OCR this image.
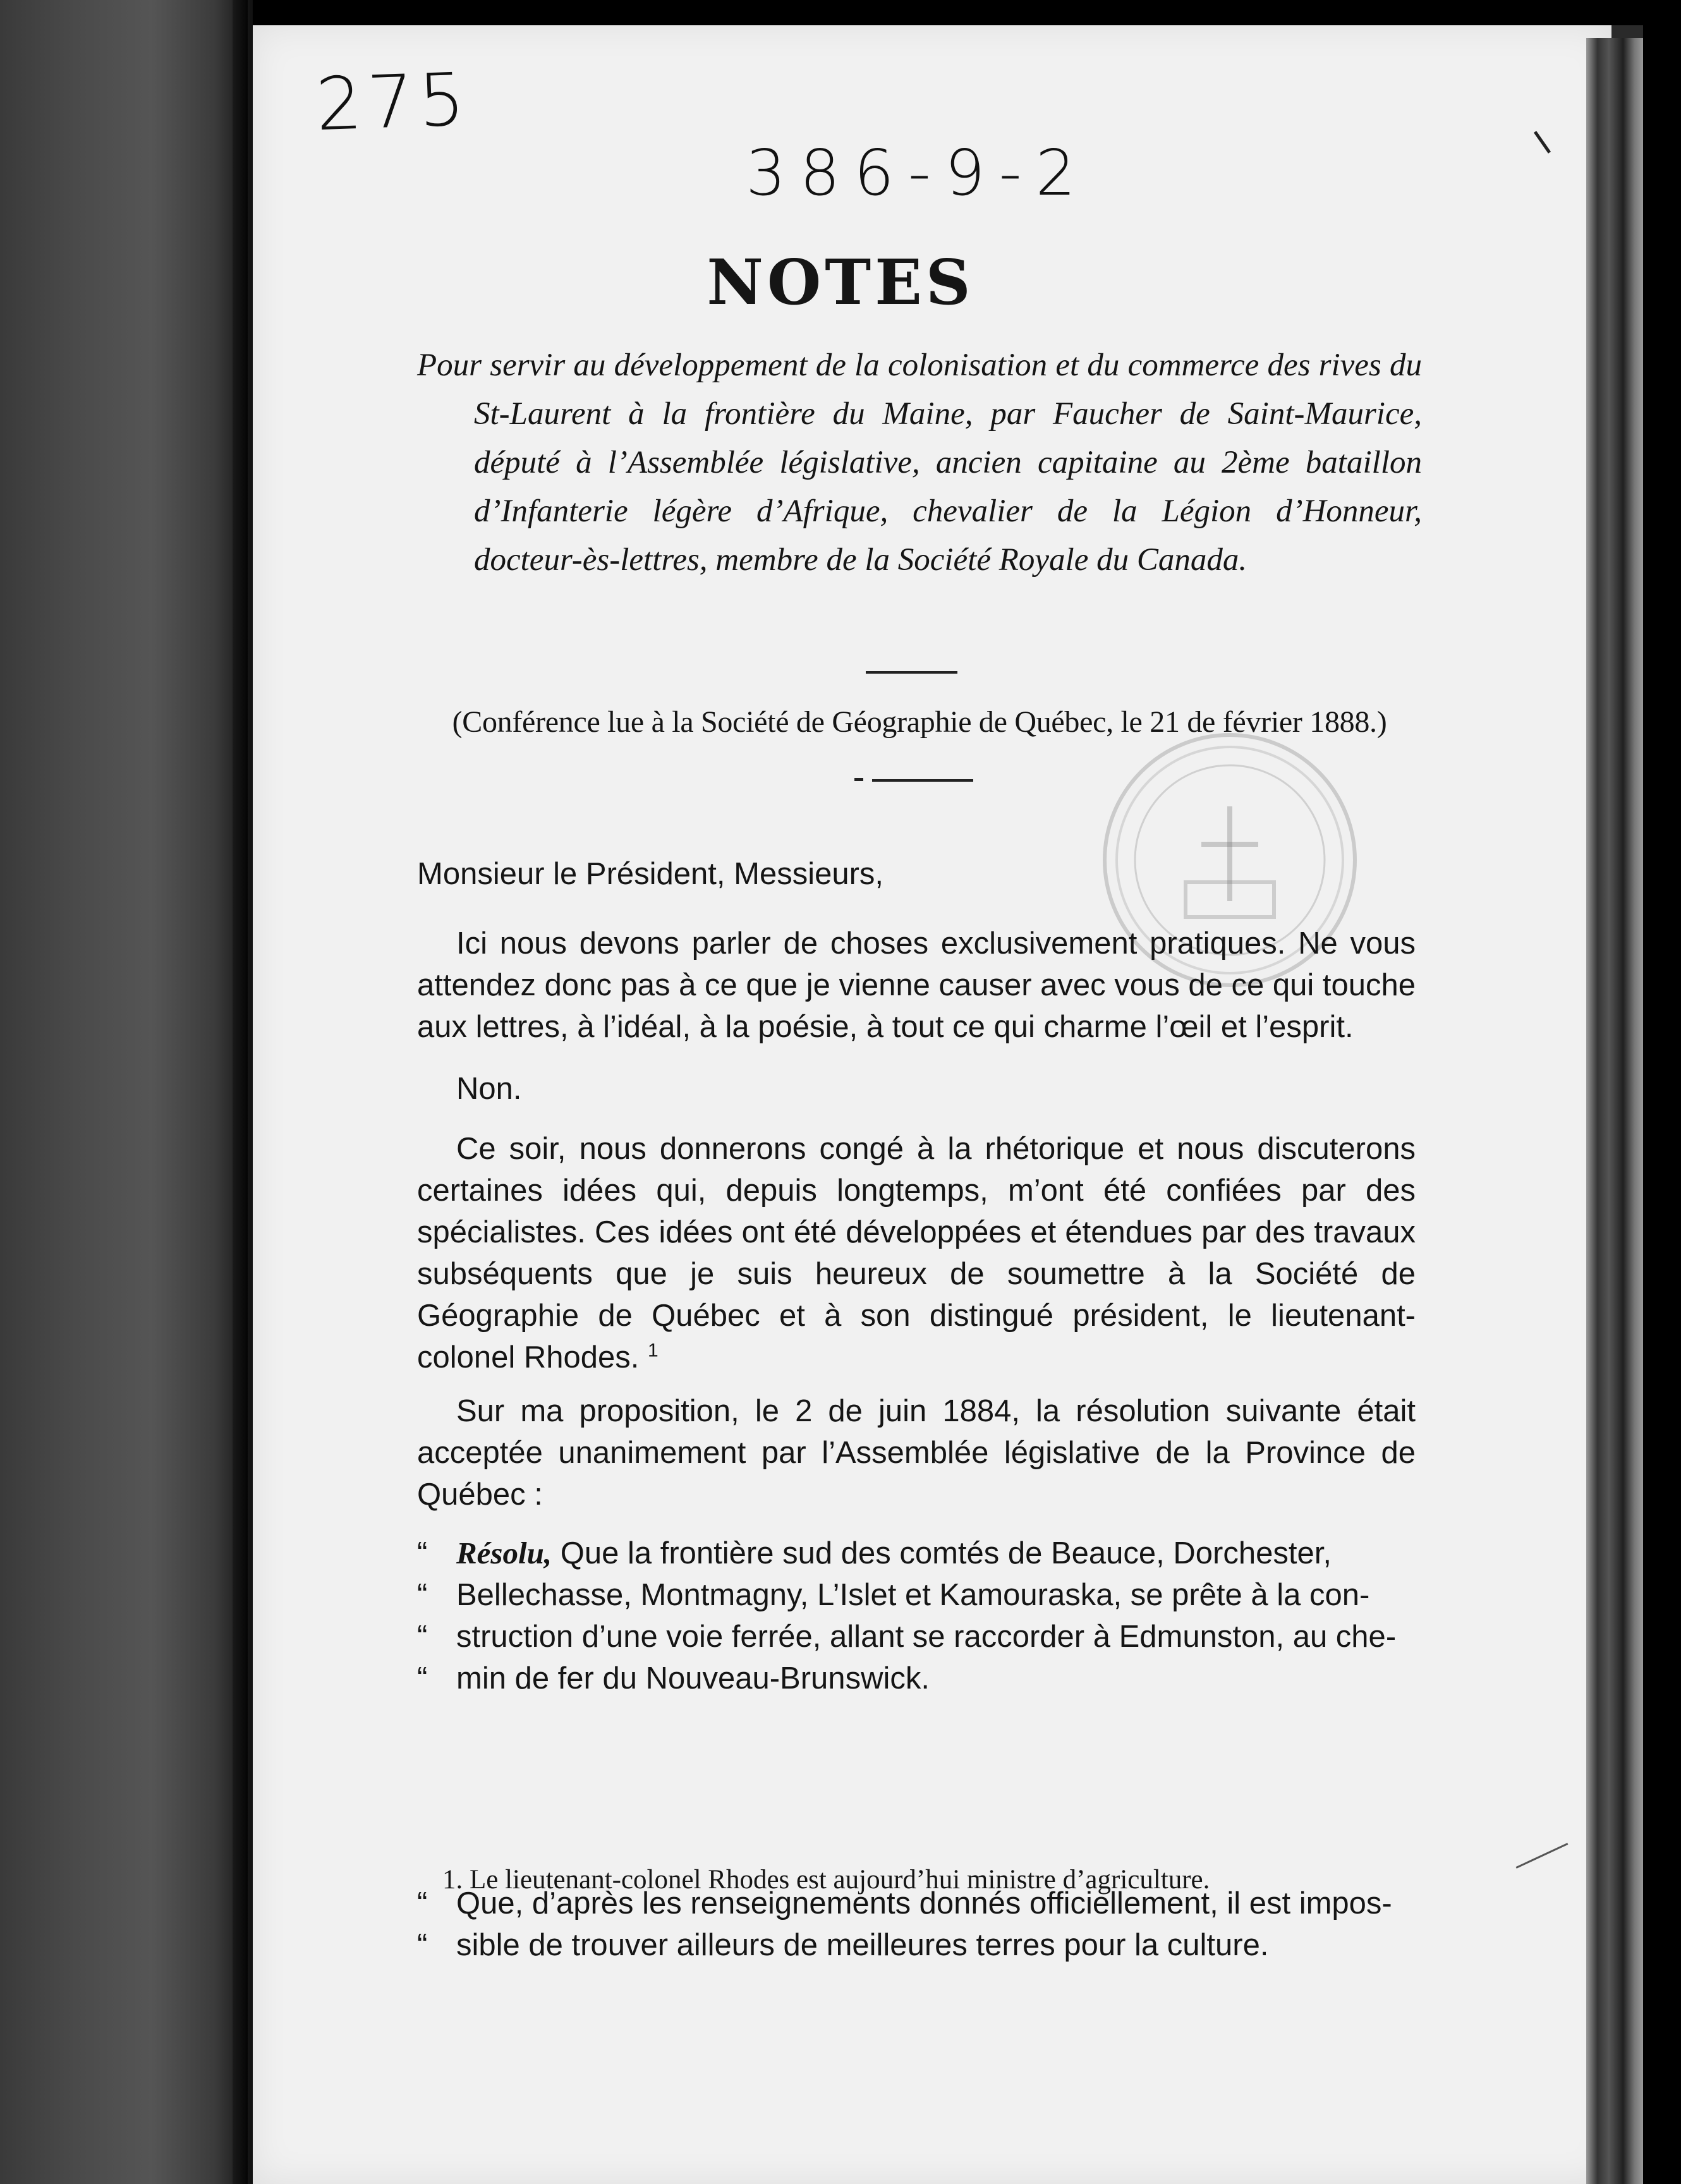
275
386-9-2
NOTES
Pour servir au développement de la colonisation et du commerce des rives du St-Laurent à la frontière du Maine, par Faucher de Saint-Maurice, député à l’Assemblée législative, ancien capitaine au 2ème bataillon d’Infanterie légère d’Afrique, chevalier de la Légion d’Honneur, docteur-ès-lettres, membre de la Société Royale du Canada.
(Conférence lue à la Société de Géographie de Québec, le 21 de février 1888.)
Monsieur le Président, Messieurs,
Ici nous devons parler de choses exclusivement pratiques. Ne vous attendez donc pas à ce que je vienne causer avec vous de ce qui touche aux lettres, à l’idéal, à la poésie, à tout ce qui charme l’œil et l’esprit.
Non.
Ce soir, nous donnerons congé à la rhétorique et nous discuterons certaines idées qui, depuis longtemps, m’ont été confiées par des spécialistes. Ces idées ont été développées et étendues par des travaux subséquents que je suis heureux de soumettre à la Société de Géographie de Québec et à son distingué président, le lieutenant-colonel Rhodes. $^1$
Sur ma proposition, le 2 de juin 1884, la résolution suivante était acceptée unanimement par l’Assemblée législative de la Province de Québec :
“ Résolu, Que la frontière sud des comtés de Beauce, Dorchester,
“ Bellechasse, Montmagny, L’Islet et Kamouraska, se prête à la con-
“ struction d’une voie ferrée, allant se raccorder à Edmunston, au che-
“ min de fer du Nouveau-Brunswick.
“ Que, d’après les renseignements donnés officiellement, il est impos-
“ sible de trouver ailleurs de meilleures terres pour la culture.
1. Le lieutenant-colonel Rhodes est aujourd’hui ministre d’agriculture.
